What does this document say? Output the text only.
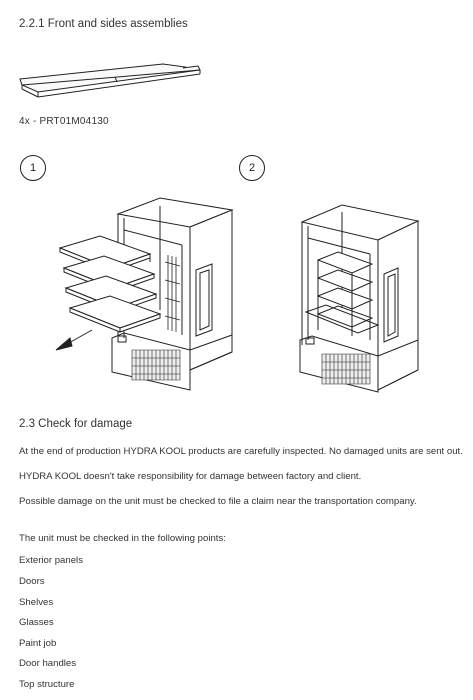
2.2.1 Front and sides assemblies
4x - PRT01M04130
1	2
2.3 Check for damage
At the end of production HYDRA KOOL products are carefully inspected. No damaged units are sent out.
HYDRA KOOL doesn't take responsibility for damage between factory and client.
Possible damage on the unit must be checked to file a claim near the transportation company.
The unit must be checked in the following points:
Exterior panels
Doors
Shelves
Glasses
Paint job
Door handles
Top structure
